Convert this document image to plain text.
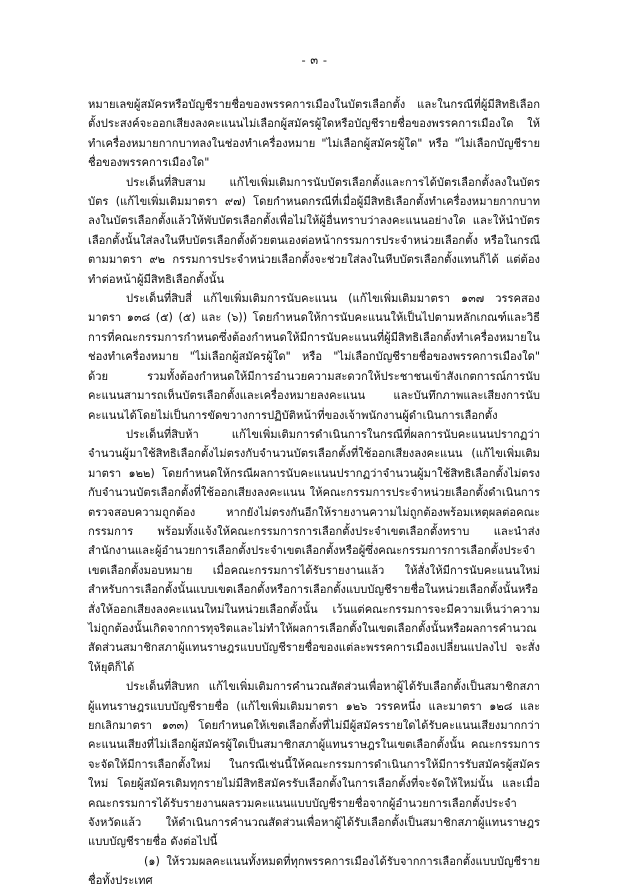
- ๓ -

หมายเลขผู้สมัครหรือบัญชีรายชื่อของพรรคการเมืองในบัตรเลือกตั้ง และในกรณีที่ผู้มีสิทธิเลือกตั้งประสงค์จะออกเสียงลงคะแนนไม่เลือกผู้สมัครผู้ใดหรือบัญชีรายชื่อของพรรคการเมืองใด ให้ทำเครื่องหมายกากบาทลงในช่องทำเครื่องหมาย "ไม่เลือกผู้สมัครผู้ใด" หรือ "ไม่เลือกบัญชีรายชื่อของพรรคการเมืองใด"

ประเด็นที่สิบสาม แก้ไขเพิ่มเติมการนับบัตรเลือกตั้งและการได้บัตรเลือกตั้งลงในบัตรบัตร (แก้ไขเพิ่มเติมมาตรา ๙๗) โดยกำหนดกรณีที่เมื่อผู้มีสิทธิเลือกตั้งทำเครื่องหมายกากบาทลงในบัตรเลือกตั้งแล้วให้พับบัตรเลือกตั้งเพื่อไม่ให้ผู้อื่นทราบว่าลงคะแนนอย่างใด และให้นำบัตรเลือกตั้งนั้นใส่ลงในหีบบัตรเลือกตั้งด้วยตนเองต่อหน้ากรรมการประจำหน่วยเลือกตั้ง หรือในกรณีตามมาตรา ๙๒ กรรมการประจำหน่วยเลือกตั้งจะช่วยใส่ลงในหีบบัตรเลือกตั้งแทนก็ได้ แต่ต้องทำต่อหน้าผู้มีสิทธิเลือกตั้งนั้น

ประเด็นที่สิบสี่ แก้ไขเพิ่มเติมการนับคะแนน (แก้ไขเพิ่มเติมมาตรา ๑๓๗ วรรคสอง มาตรา ๑๓๘ (๕) (๕) และ (๖)) โดยกำหนดให้การนับคะแนนให้เป็นไปตามหลักเกณฑ์และวิธีการที่คณะกรรมการกำหนดซึ่งต้องกำหนดให้มีการนับคะแนนที่ผู้มีสิทธิเลือกตั้งทำเครื่องหมายในช่องทำเครื่องหมาย "ไม่เลือกผู้สมัครผู้ใด" หรือ "ไม่เลือกบัญชีรายชื่อของพรรคการเมืองใด" ด้วย รวมทั้งต้องกำหนดให้มีการอำนวยความสะดวกให้ประชาชนเข้าสังเกตการณ์การนับคะแนนสามารถเห็นบัตรเลือกตั้งและเครื่องหมายลงคะแนน และบันทึกภาพและเสียงการนับคะแนนได้โดยไม่เป็นการขัดขวางการปฏิบัติหน้าที่ของเจ้าพนักงานผู้ดำเนินการเลือกตั้ง

ประเด็นที่สิบห้า แก้ไขเพิ่มเติมการดำเนินการในกรณีที่ผลการนับคะแนนปรากฏว่าจำนวนผู้มาใช้สิทธิเลือกตั้งไม่ตรงกับจำนวนบัตรเลือกตั้งที่ใช้ออกเสียงลงคะแนน (แก้ไขเพิ่มเติมมาตรา ๑๒๒) โดยกำหนดให้กรณีผลการนับคะแนนปรากฏว่าจำนวนผู้มาใช้สิทธิเลือกตั้งไม่ตรงกับจำนวนบัตรเลือกตั้งที่ใช้ออกเสียงลงคะแนน ให้คณะกรรมการประจำหน่วยเลือกตั้งดำเนินการตรวจสอบความถูกต้อง หากยังไม่ตรงกันอีกให้รายงานความไม่ถูกต้องพร้อมเหตุผลต่อคณะกรรมการ พร้อมทั้งแจ้งให้คณะกรรมการการเลือกตั้งประจำเขตเลือกตั้งทราบ และนำส่งสำนักงานและผู้อำนวยการเลือกตั้งประจำเขตเลือกตั้งหรือผู้ซึ่งคณะกรรมการการเลือกตั้งประจำเขตเลือกตั้งมอบหมาย เมื่อคณะกรรมการได้รับรายงานแล้ว ให้สั่งให้มีการนับคะแนนใหม่สำหรับการเลือกตั้งนั้นแบบเขตเลือกตั้งหรือการเลือกตั้งแบบบัญชีรายชื่อในหน่วยเลือกตั้งนั้นหรือสั่งให้ออกเสียงลงคะแนนใหม่ในหน่วยเลือกตั้งนั้น เว้นแต่คณะกรรมการจะมีความเห็นว่าความไม่ถูกต้องนั้นเกิดจากการทุจริตและไม่ทำให้ผลการเลือกตั้งในเขตเลือกตั้งนั้นหรือผลการคำนวณสัดส่วนสมาชิกสภาผู้แทนราษฎรแบบบัญชีรายชื่อของแต่ละพรรคการเมืองเปลี่ยนแปลงไป จะสั่งให้ยุติก็ได้

ประเด็นที่สิบหก แก้ไขเพิ่มเติมการคำนวณสัดส่วนเพื่อหาผู้ได้รับเลือกตั้งเป็นสมาชิกสภาผู้แทนราษฎรแบบบัญชีรายชื่อ (แก้ไขเพิ่มเติมมาตรา ๑๒๖ วรรคหนึ่ง และมาตรา ๑๒๘ และยกเลิกมาตรา ๑๓๓) โดยกำหนดให้เขตเลือกตั้งที่ไม่มีผู้สมัครรายใดได้รับคะแนนเสียงมากกว่าคะแนนเสียงที่ไม่เลือกผู้สมัครผู้ใดเป็นสมาชิกสภาผู้แทนราษฎรในเขตเลือกตั้งนั้น คณะกรรมการจะจัดให้มีการเลือกตั้งใหม่ ในกรณีเช่นนี้ให้คณะกรรมการดำเนินการให้มีการรับสมัครผู้สมัครใหม่ โดยผู้สมัครเดิมทุกรายไม่มีสิทธิสมัครรับเลือกตั้งในการเลือกตั้งที่จะจัดให้ใหม่นั้น และเมื่อคณะกรรมการได้รับรายงานผลรวมคะแนนแบบบัญชีรายชื่อจากผู้อำนวยการเลือกตั้งประจำจังหวัดแล้ว ให้ดำเนินการคำนวณสัดส่วนเพื่อหาผู้ได้รับเลือกตั้งเป็นสมาชิกสภาผู้แทนราษฎรแบบบัญชีรายชื่อ ดังต่อไปนี้

(๑) ให้รวมผลคะแนนทั้งหมดที่ทุกพรรคการเมืองได้รับจากการเลือกตั้งแบบบัญชีรายชื่อทั้งประเทศ
